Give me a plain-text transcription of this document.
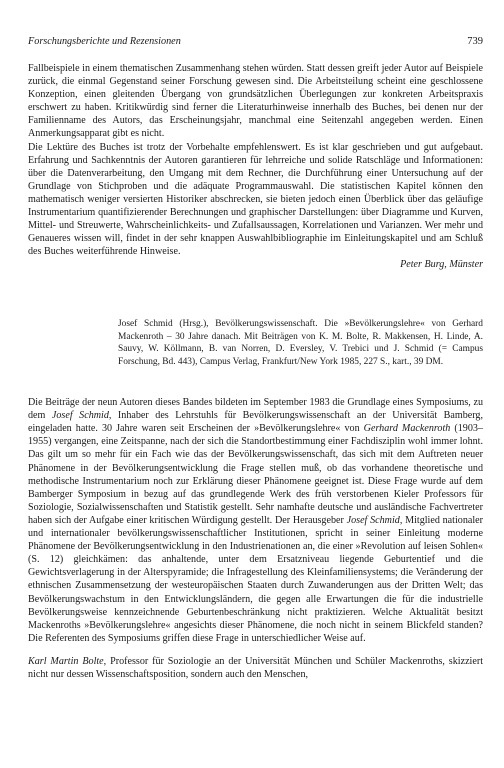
Forschungsberichte und Rezensionen	739

Fallbeispiele in einem thematischen Zusammenhang stehen würden. Statt dessen greift jeder Autor auf Beispiele zurück, die einmal Gegenstand seiner Forschung gewesen sind. Die Arbeitsteilung scheint eine geschlossene Konzeption, einen gleitenden Übergang von grundsätzlichen Überlegungen zur konkreten Arbeitspraxis erschwert zu haben. Kritikwürdig sind ferner die Literaturhinweise innerhalb des Buches, bei denen nur der Familienname des Autors, das Erscheinungsjahr, manchmal eine Seitenzahl angegeben werden. Einen Anmerkungsapparat gibt es nicht.

Die Lektüre des Buches ist trotz der Vorbehalte empfehlenswert. Es ist klar geschrieben und gut aufgebaut. Erfahrung und Sachkenntnis der Autoren garantieren für lehrreiche und solide Ratschläge und Informationen: über die Datenverarbeitung, den Umgang mit dem Rechner, die Durchführung einer Untersuchung auf der Grundlage von Stichproben und die adäquate Programmauswahl. Die statistischen Kapitel können den mathematisch weniger versierten Historiker abschrecken, sie bieten jedoch einen Überblick über das geläufige Instrumentarium quantifizierender Berechnungen und graphischer Darstellungen: über Diagramme und Kurven, Mittel- und Streuwerte, Wahrscheinlichkeits- und Zufallsaussagen, Korrelationen und Varianzen. Wer mehr und Genaueres wissen will, findet in der sehr knappen Auswahlbibliographie im Einleitungskapitel und am Schluß des Buches weiterführende Hinweise.

Peter Burg, Münster

Josef Schmid (Hrsg.), Bevölkerungswissenschaft. Die »Bevölkerungslehre« von Gerhard Mackenroth – 30 Jahre danach. Mit Beiträgen von K. M. Bolte, R. Makkensen, H. Linde, A. Sauvy, W. Köllmann, B. van Norren, D. Eversley, V. Trebici und J. Schmid (= Campus Forschung, Bd. 443), Campus Verlag, Frankfurt/New York 1985, 227 S., kart., 39 DM.

Die Beiträge der neun Autoren dieses Bandes bildeten im September 1983 die Grundlage eines Symposiums, zu dem Josef Schmid, Inhaber des Lehrstuhls für Bevölkerungswissenschaft an der Universität Bamberg, eingeladen hatte. 30 Jahre waren seit Erscheinen der »Bevölkerungslehre« von Gerhard Mackenroth (1903–1955) vergangen, eine Zeitspanne, nach der sich die Standortbestimmung einer Fachdisziplin wohl immer lohnt. Das gilt um so mehr für ein Fach wie das der Bevölkerungswissenschaft, das sich mit dem Auftreten neuer Phänomene in der Bevölkerungsentwicklung die Frage stellen muß, ob das vorhandene theoretische und methodische Instrumentarium noch zur Erklärung dieser Phänomene geeignet ist. Diese Frage wurde auf dem Bamberger Symposium in bezug auf das grundlegende Werk des früh verstorbenen Kieler Professors für Soziologie, Sozialwissenschaften und Statistik gestellt. Sehr namhafte deutsche und ausländische Fachvertreter haben sich der Aufgabe einer kritischen Würdigung gestellt. Der Herausgeber Josef Schmid, Mitglied nationaler und internationaler bevölkerungswissenschaftlicher Institutionen, spricht in seiner Einleitung moderne Phänomene der Bevölkerungsentwicklung in den Industrienationen an, die einer »Revolution auf leisen Sohlen« (S. 12) gleichkämen: das anhaltende, unter dem Ersatzniveau liegende Geburtentief und die Gewichtsverlagerung in der Alterspyramide; die Infragestellung des Kleinfamiliensystems; die Veränderung der ethnischen Zusammensetzung der westeuropäischen Staaten durch Zuwanderungen aus der Dritten Welt; das Bevölkerungswachstum in den Entwicklungsländern, die gegen alle Erwartungen die für die industrielle Bevölkerungsweise kennzeichnende Geburtenbeschränkung nicht praktizieren. Welche Aktualität besitzt Mackenroths »Bevölkerungslehre« angesichts dieser Phänomene, die noch nicht in seinem Blickfeld standen? Die Referenten des Symposiums griffen diese Frage in unterschiedlicher Weise auf.

Karl Martin Bolte, Professor für Soziologie an der Universität München und Schüler Mackenroths, skizziert nicht nur dessen Wissenschaftsposition, sondern auch den Menschen,
